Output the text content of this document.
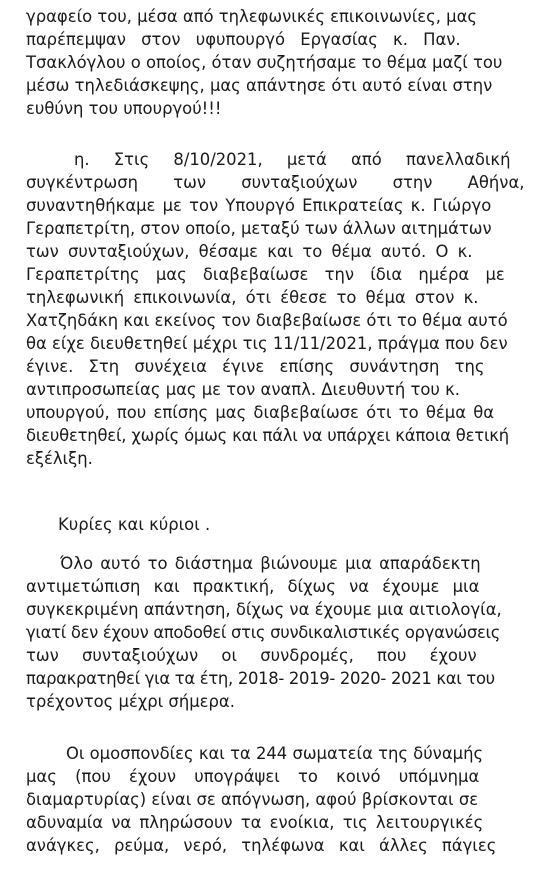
γραφείο του, μέσα από τηλεφωνικές επικοινωνίες, μας
παρέπεμψαν στον υφυπουργό Εργασίας κ. Παν.
Τσακλόγλου ο οποίος, όταν συζητήσαμε το θέμα μαζί του
μέσω τηλεδιάσκεψης, μας απάντησε ότι αυτό είναι στην
ευθύνη του υπουργού!!!
η. Στις 8/10/2021, μετά από πανελλαδική
συγκέντρωση των συνταξιούχων στην Αθήνα,
συναντηθήκαμε με τον Υπουργό Επικρατείας κ. Γιώργο
Γεραπετρίτη, στον οποίο, μεταξύ των άλλων αιτημάτων
των συνταξιούχων, θέσαμε και το θέμα αυτό. Ο κ.
Γεραπετρίτης μας διαβεβαίωσε την ίδια ημέρα με
τηλεφωνική επικοινωνία, ότι έθεσε το θέμα στον κ.
Χατζηδάκη και εκείνος τον διαβεβαίωσε ότι το θέμα αυτό
θα είχε διευθετηθεί μέχρι τις 11/11/2021, πράγμα που δεν
έγινε. Στη συνέχεια έγινε επίσης συνάντηση της
αντιπροσωπείας μας με τον αναπλ. Διευθυντή του κ.
υπουργού, που επίσης μας διαβεβαίωσε ότι το θέμα θα
διευθετηθεί, χωρίς όμως και πάλι να υπάρχει κάποια θετική
εξέλιξη.
Κυρίες και κύριοι .
Όλο αυτό το διάστημα βιώνουμε μια απαράδεκτη
αντιμετώπιση και πρακτική, δίχως να έχουμε μια
συγκεκριμένη απάντηση, δίχως να έχουμε μια αιτιολογία,
γιατί δεν έχουν αποδοθεί στις συνδικαλιστικές οργανώσεις
των συνταξιούχων οι συνδρομές, που έχουν
παρακρατηθεί για τα έτη, 2018- 2019- 2020- 2021 και του
τρέχοντος μέχρι σήμερα.
Οι ομοσπονδίες και τα 244 σωματεία της δύναμής
μας (που έχουν υπογράψει το κοινό υπόμνημα
διαμαρτυρίας) είναι σε απόγνωση, αφού βρίσκονται σε
αδυναμία να πληρώσουν τα ενοίκια, τις λειτουργικές
ανάγκες, ρεύμα, νερό, τηλέφωνα και άλλες πάγιες
